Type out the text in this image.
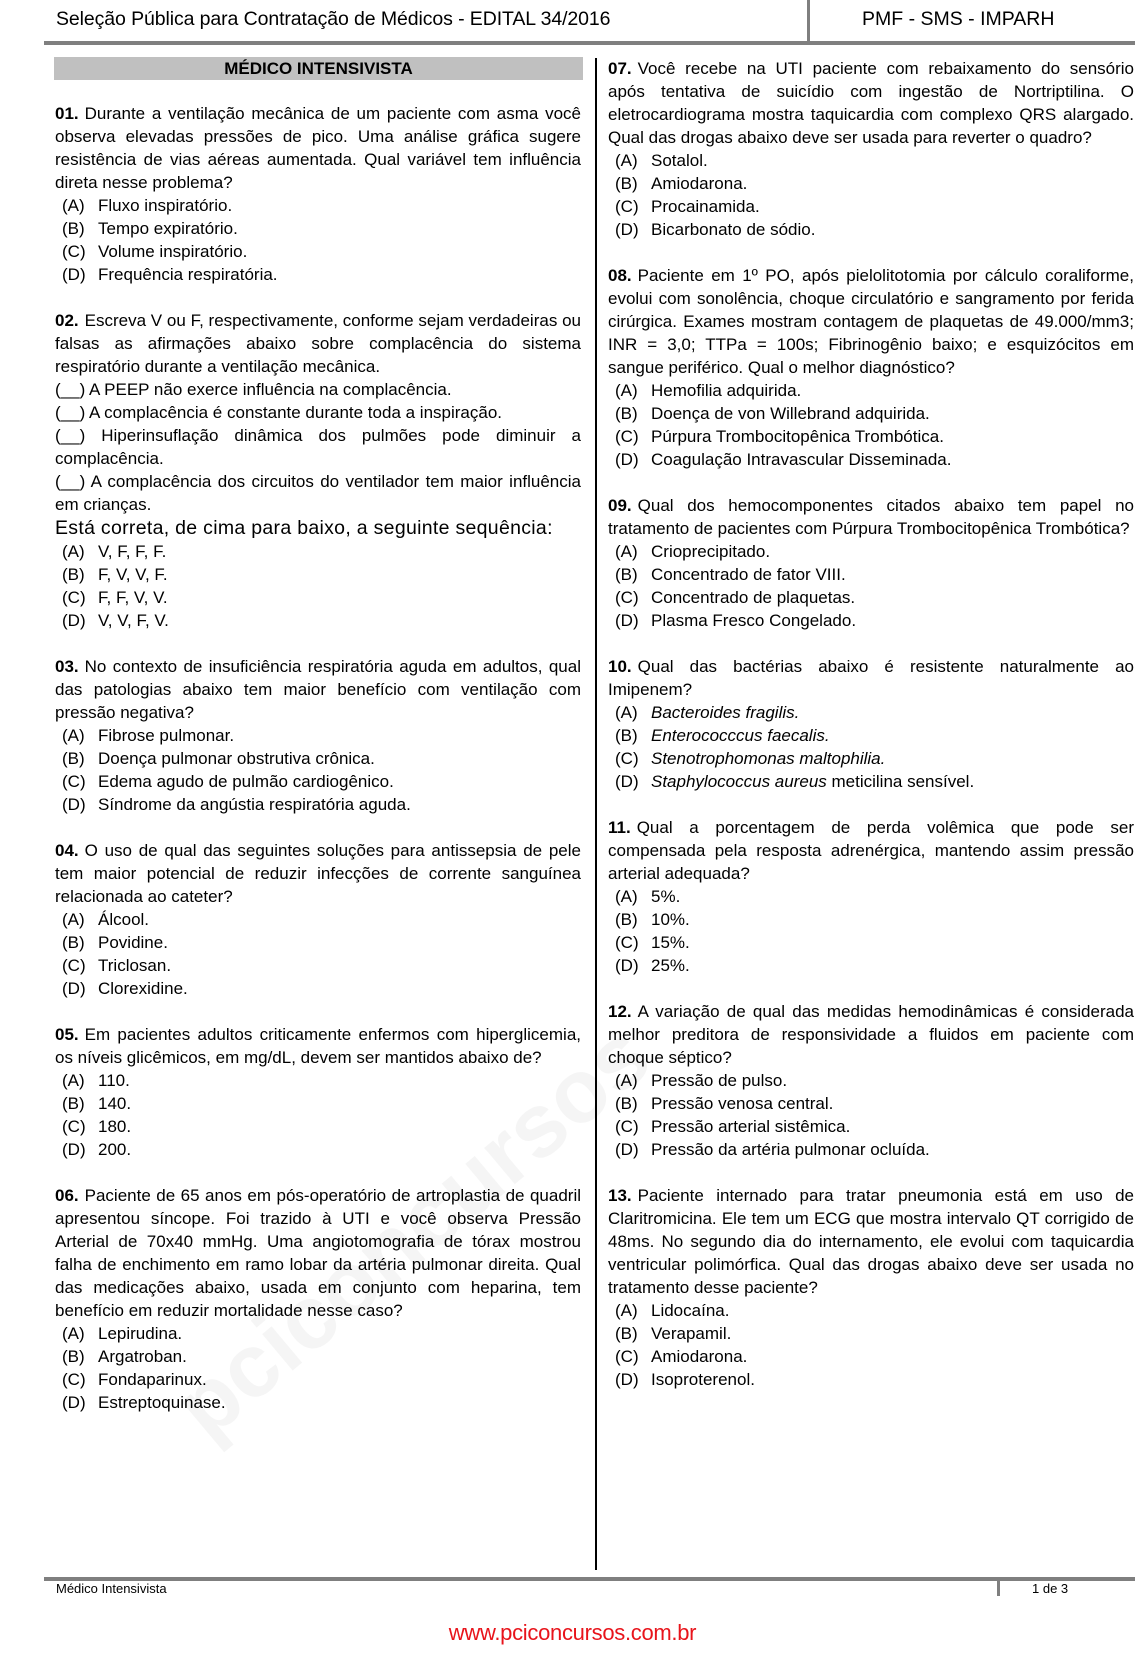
Seleção Pública para Contratação de Médicos - EDITAL 34/2016	PMF - SMS - IMPARH
MÉDICO INTENSIVISTA
01. Durante a ventilação mecânica de um paciente com asma você observa elevadas pressões de pico. Uma análise gráfica sugere resistência de vias aéreas aumentada. Qual variável tem influência direta nesse problema?
(A) Fluxo inspiratório.
(B) Tempo expiratório.
(C) Volume inspiratório.
(D) Frequência respiratória.
02. Escreva V ou F, respectivamente, conforme sejam verdadeiras ou falsas as afirmações abaixo sobre complacência do sistema respiratório durante a ventilação mecânica.
(__) A PEEP não exerce influência na complacência.
(__) A complacência é constante durante toda a inspiração.
(__) Hiperinsuflação dinâmica dos pulmões pode diminuir a complacência.
(__) A complacência dos circuitos do ventilador tem maior influência em crianças.
Está correta, de cima para baixo, a seguinte sequência:
(A) V, F, F, F.
(B) F, V, V, F.
(C) F, F, V, V.
(D) V, V, F, V.
03. No contexto de insuficiência respiratória aguda em adultos, qual das patologias abaixo tem maior benefício com ventilação com pressão negativa?
(A) Fibrose pulmonar.
(B) Doença pulmonar obstrutiva crônica.
(C) Edema agudo de pulmão cardiogênico.
(D) Síndrome da angústia respiratória aguda.
04. O uso de qual das seguintes soluções para antissepsia de pele tem maior potencial de reduzir infecções de corrente sanguínea relacionada ao cateter?
(A) Álcool.
(B) Povidine.
(C) Triclosan.
(D) Clorexidine.
05. Em pacientes adultos criticamente enfermos com hiperglicemia, os níveis glicêmicos, em mg/dL, devem ser mantidos abaixo de?
(A) 110.
(B) 140.
(C) 180.
(D) 200.
06. Paciente de 65 anos em pós-operatório de artroplastia de quadril apresentou síncope. Foi trazido à UTI e você observa Pressão Arterial de 70x40 mmHg. Uma angiotomografia de tórax mostrou falha de enchimento em ramo lobar da artéria pulmonar direita. Qual das medicações abaixo, usada em conjunto com heparina, tem benefício em reduzir mortalidade nesse caso?
(A) Lepirudina.
(B) Argatroban.
(C) Fondaparinux.
(D) Estreptoquinase.
07. Você recebe na UTI paciente com rebaixamento do sensório após tentativa de suicídio com ingestão de Nortriptilina. O eletrocardiograma mostra taquicardia com complexo QRS alargado. Qual das drogas abaixo deve ser usada para reverter o quadro?
(A) Sotalol.
(B) Amiodarona.
(C) Procainamida.
(D) Bicarbonato de sódio.
08. Paciente em 1º PO, após pielolitotomia por cálculo coraliforme, evolui com sonolência, choque circulatório e sangramento por ferida cirúrgica. Exames mostram contagem de plaquetas de 49.000/mm3; INR = 3,0; TTPa = 100s; Fibrinogênio baixo; e esquizócitos em sangue periférico. Qual o melhor diagnóstico?
(A) Hemofilia adquirida.
(B) Doença de von Willebrand adquirida.
(C) Púrpura Trombocitopênica Trombótica.
(D) Coagulação Intravascular Disseminada.
09. Qual dos hemocomponentes citados abaixo tem papel no tratamento de pacientes com Púrpura Trombocitopênica Trombótica?
(A) Crioprecipitado.
(B) Concentrado de fator VIII.
(C) Concentrado de plaquetas.
(D) Plasma Fresco Congelado.
10. Qual das bactérias abaixo é resistente naturalmente ao Imipenem?
(A) Bacteroides fragilis.
(B) Enterococccus faecalis.
(C) Stenotrophomonas maltophilia.
(D) Staphylococcus aureus meticilina sensível.
11. Qual a porcentagem de perda volêmica que pode ser compensada pela resposta adrenérgica, mantendo assim pressão arterial adequada?
(A) 5%.
(B) 10%.
(C) 15%.
(D) 25%.
12. A variação de qual das medidas hemodinâmicas é considerada melhor preditora de responsividade a fluidos em paciente com choque séptico?
(A) Pressão de pulso.
(B) Pressão venosa central.
(C) Pressão arterial sistêmica.
(D) Pressão da artéria pulmonar ocluída.
13. Paciente internado para tratar pneumonia está em uso de Claritromicina. Ele tem um ECG que mostra intervalo QT corrigido de 48ms. No segundo dia do internamento, ele evolui com taquicardia ventricular polimórfica. Qual das drogas abaixo deve ser usada no tratamento desse paciente?
(A) Lidocaína.
(B) Verapamil.
(C) Amiodarona.
(D) Isoproterenol.
Médico Intensivista	1 de 3
www.pciconcursos.com.br
